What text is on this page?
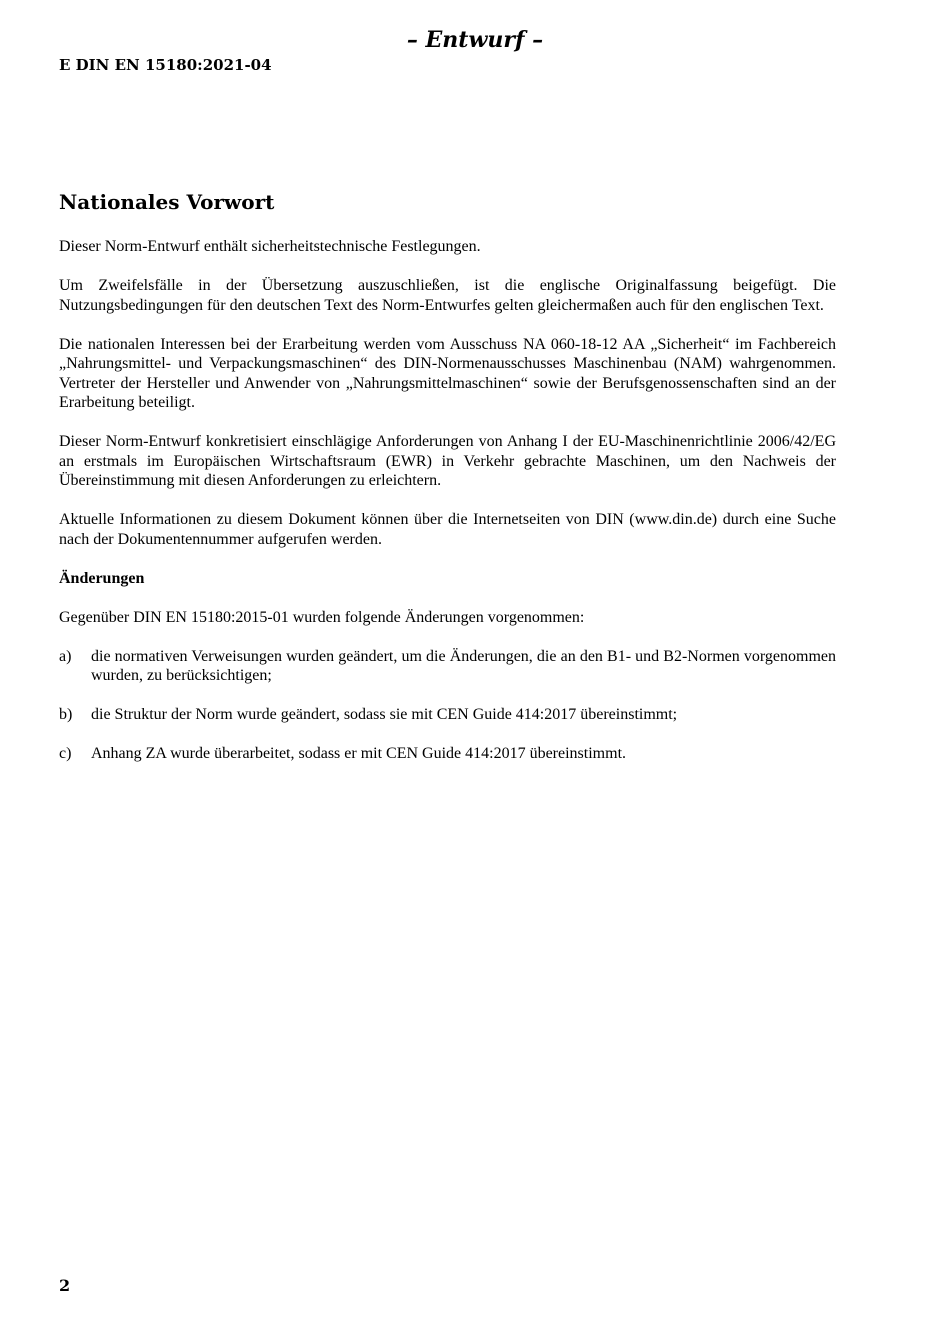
– Entwurf –
E DIN EN 15180:2021-04
Nationales Vorwort

Dieser Norm-Entwurf enthält sicherheitstechnische Festlegungen.

Um Zweifelsfälle in der Übersetzung auszuschließen, ist die englische Originalfassung beigefügt. Die Nutzungsbedingungen für den deutschen Text des Norm-Entwurfes gelten gleichermaßen auch für den englischen Text.

Die nationalen Interessen bei der Erarbeitung werden vom Ausschuss NA 060-18-12 AA „Sicherheit“ im Fachbereich „Nahrungsmittel- und Verpackungsmaschinen“ des DIN-Normenausschusses Maschinenbau (NAM) wahrgenommen. Vertreter der Hersteller und Anwender von „Nahrungsmittelmaschinen“ sowie der Berufsgenossenschaften sind an der Erarbeitung beteiligt.

Dieser Norm-Entwurf konkretisiert einschlägige Anforderungen von Anhang I der EU-Maschinenrichtlinie 2006/42/EG an erstmals im Europäischen Wirtschaftsraum (EWR) in Verkehr gebrachte Maschinen, um den Nachweis der Übereinstimmung mit diesen Anforderungen zu erleichtern.

Aktuelle Informationen zu diesem Dokument können über die Internetseiten von DIN (www.din.de) durch eine Suche nach der Dokumentennummer aufgerufen werden.

Änderungen

Gegenüber DIN EN 15180:2015-01 wurden folgende Änderungen vorgenommen:

a)	die normativen Verweisungen wurden geändert, um die Änderungen, die an den B1- und B2-Normen vorgenommen wurden, zu berücksichtigen;
b)	die Struktur der Norm wurde geändert, sodass sie mit CEN Guide 414:2017 übereinstimmt;
c)	Anhang ZA wurde überarbeitet, sodass er mit CEN Guide 414:2017 übereinstimmt.
2
